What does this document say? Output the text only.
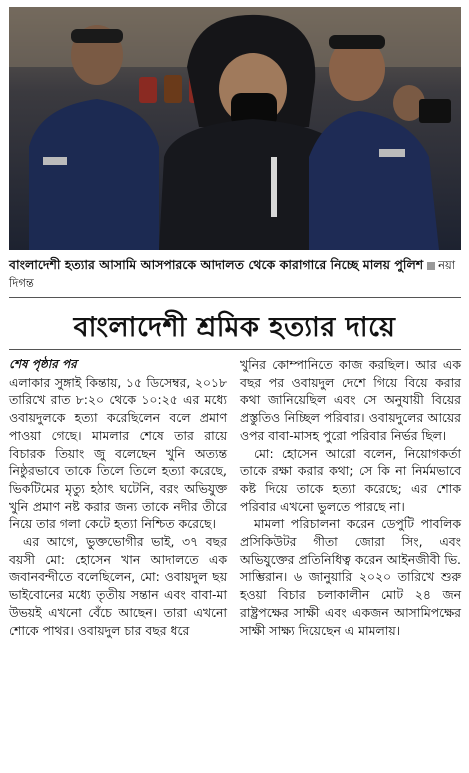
বাংলাদেশী হত্যার আসামি আসপারকে আদালত থেকে কারাগারে নিচ্ছে মালয় পুলিশ নয়া দিগন্ত
বাংলাদেশী শ্রমিক হত্যার দায়ে

শেষ পৃষ্ঠার পর

এলাকার সুঙ্গাই কিন্তায়, ১৫ ডিসেম্বর, ২০১৮ তারিখে রাত ৮:২০ থেকে ১০:২৫ এর মধ্যে ওবায়দুলকে হত্যা করেছিলেন বলে প্রমাণ পাওয়া গেছে। মামলার শেষে তার রায়ে বিচারক তিয়াং জু বলেছেন খুনি অত্যন্ত নিষ্ঠুরভাবে তাকে তিলে তিলে হত্যা করেছে, ভিকটিমের মৃত্যু হঠাৎ ঘটেনি, বরং অভিযুক্ত খুনি প্রমাণ নষ্ট করার জন্য তাকে নদীর তীরে নিয়ে তার গলা কেটে হত্যা নিশ্চিত করেছে।

এর আগে, ভুক্তভোগীর ভাই, ৩৭ বছর বয়সী মো: হোসেন খান আদালতে এক জবানবন্দীতে বলেছিলেন, মো: ওবায়দুল ছয় ভাইবোনের মধ্যে তৃতীয় সন্তান এবং বাবা-মা উভয়ই এখনো বেঁচে আছেন। তারা এখনো শোকে পাথর। ওবায়দুল চার বছর ধরে

খুনির কোম্পানিতে কাজ করছিল। আর এক বছর পর ওবায়দুল দেশে গিয়ে বিয়ে করার কথা জানিয়েছিল এবং সে অনুযায়ী বিয়ের প্রস্তুতিও নিচ্ছিল পরিবার। ওবায়দুলের আয়ের ওপর বাবা-মাসহ পুরো পরিবার নির্ভর ছিল।

মো: হোসেন আরো বলেন, নিয়োগকর্তা তাকে রক্ষা করার কথা; সে কি না নির্মমভাবে কষ্ট দিয়ে তাকে হত্যা করেছে; এর শোক পরিবার এখনো ভুলতে পারছে না।

মামলা পরিচালনা করেন ডেপুটি পাবলিক প্রসিকিউটর গীতা জোরা সিং, এবং অভিযুক্তের প্রতিনিধিত্ব করেন আইনজীবী ভি. সাম্ভিরান। ৬ জানুয়ারি ২০২০ তারিখে শুরু হওয়া বিচার চলাকালীন মোট ২৪ জন রাষ্ট্রপক্ষের সাক্ষী এবং একজন আসামিপক্ষের সাক্ষী সাক্ষ্য দিয়েছেন এ মামলায়।
